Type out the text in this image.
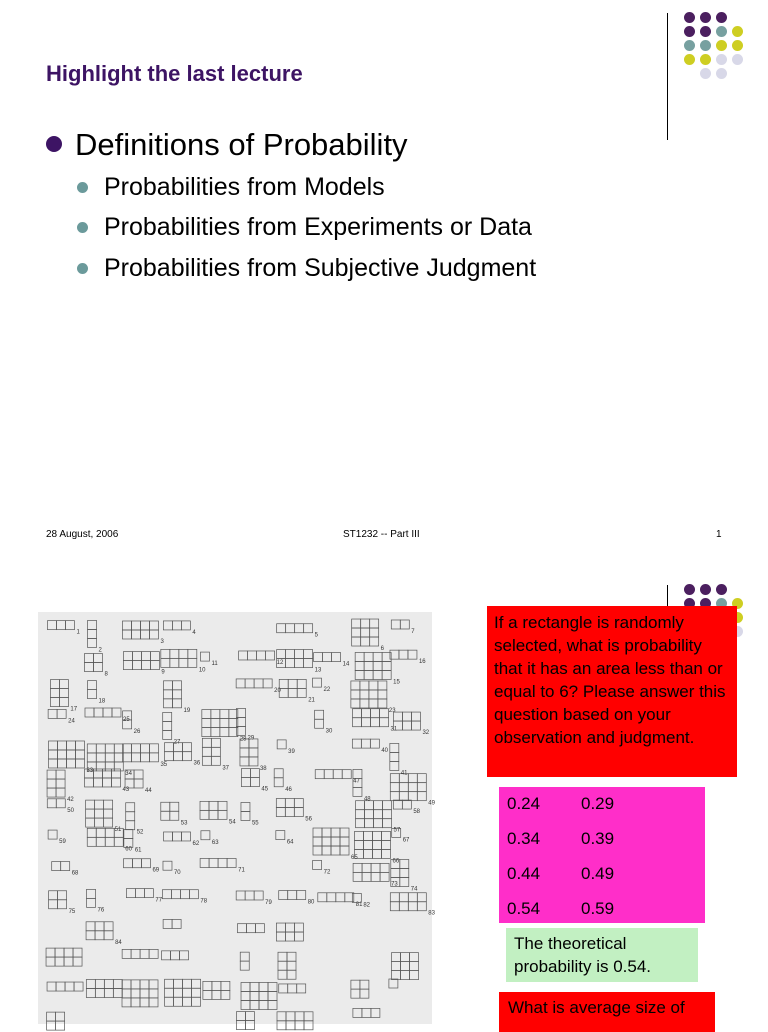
Highlight the last lecture
Definitions of Probability
Probabilities from Models
Probabilities from Experiments or Data
Probabilities from Subjective Judgment
28 August, 2006	ST1232 -- Part III	1
1
2
3
4	5
6
7
8	9	10
11	12
13
14
15
16
17
18
19
20
21
22
23
24	25
26
27	28 29
30	31
32
33	34
35	36
37	38
39	40
41
42
43	44	45	46
47
48
49
50
51	52
53	54	55
56
57
58
59
60 61
62 63	64
65
66
67
68	69 70	71	72
73
74
75	76
77	78	79	80	81 82
83
84
If a rectangle is randomly selected, what is probability that it has an area less than or equal to 6? Please answer this question based on your observation and judgment.
0.24	0.29
0.34	0.39
0.44	0.49
0.54	0.59
The theoretical probability is 0.54.
What is average size of
